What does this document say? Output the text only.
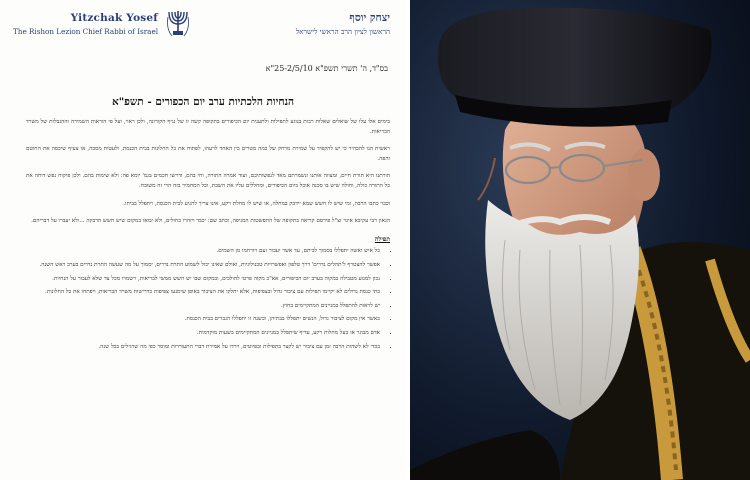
Yitzchak Yosef
The Rishon Lezion Chief Rabbi of Israel
יצחק יוסף
הראשון לציון הרב הראשי לישראל
בס"ד, ה' תשרי תשפ"א 25-2/5/10"א
הנחיות הלכתיות ערב יום הכפורים - תשפ"א

בימים אלו עלו של שואלים שאלות רבות בנוגע לתפילות ולתענית יום הכיפורים בתקופה קשה זו של נגיף הקורונה, ולכן ראוי, ועל פי הוראות השמירה וההגבלות של משרד הבריאות.

ראשית הנו להבהיר כי יש להקפיד על שמירת מרחק של כמה מטרים בין האחד לרעהו, לפתוח את כל החלונות בבית הכנסת, ולעטות מסכה, או צעיף שיכסה את החוטם והפה.

הורתנו היא תורת חיים, ומצווה אותנו ונשמרתם מאד לנפשותיכם, ועוד אמרה התורה, וחי בהם, ודרשו חכמים בגמ' יומא פה: ולא שימות בהם. ולכן פיקוח נפש דוחה את כל התורה כולה, וחולה שיש בו סכנה אוכל ביום הכיפורים, ומחללים עליו את השבת, וכל המחמיר בזה הרי זה משובח.

וכבר כתבו הרבה, ומי שיש לו חשש שמא יידבק במחלה, או שיש לו מחלת רקע, אינו צריך להגיע לבית הכנסת, ויתפלל בביתו.

הגאון רבי עקיבא איגר זצ"ל פירסם קריאה בתקופה של התפשטות המגיפה, וכתב שם: יכבד ויזהרו בחולים, ולא יבואו במקום שיש חשש הדבקה ...ולא יעברו על דבריהם.

תפילה
• כל איש ואשה יתפללו בסמוך לביתם, עד אשר יעבור זעם ויורחמו מן השמים.
• אפשר להצטרף ל'תהלים נדרים' דרך טלפון ואפשרויות טכנולוגיות, ואולם שאינו יכול לשמוע התרת נדרים, יסמוך על מה שעשה התרת נדרים בערב ראש השנה.
• נכון למנוע מטבילה במקוה בערב יום הכיפורים, אא"כ מקוה פרטי להולכים, ובמקום שבו יש חשש ממשי לבריאות, וישמרו מכל צד שלא לעבור על הנחיות.
• בתי כנסת גדולים לא יקיימו תפילות עם ציבור גדול ובצפיפות, אלא יחלקו את הציבור באופן שימנעו צפיפות כדרישות משרד הבריאות, ויפתחו את כל החלונות.
• יש לראות להתפלל במניינים המתקיימים בחוץ.
• כאשר אין מקום לציבור גדול, הנשים יתפללו בבתיהן, וכשנה זו יתפללו הגברים בבית הכנסת.
• אדם מבוגר או בעל מחלות רקע, עדיף שיתפלל במניינים המתקיימים בשעות מוקדמות.
• בכדי לא לשהות הרבה זמן עם ציבור יש לקצר בתפילות ובפיוטים, וירדו על אמירת דברי התעוררות ומוסר כפי מה שרגילים בכל שנה.
